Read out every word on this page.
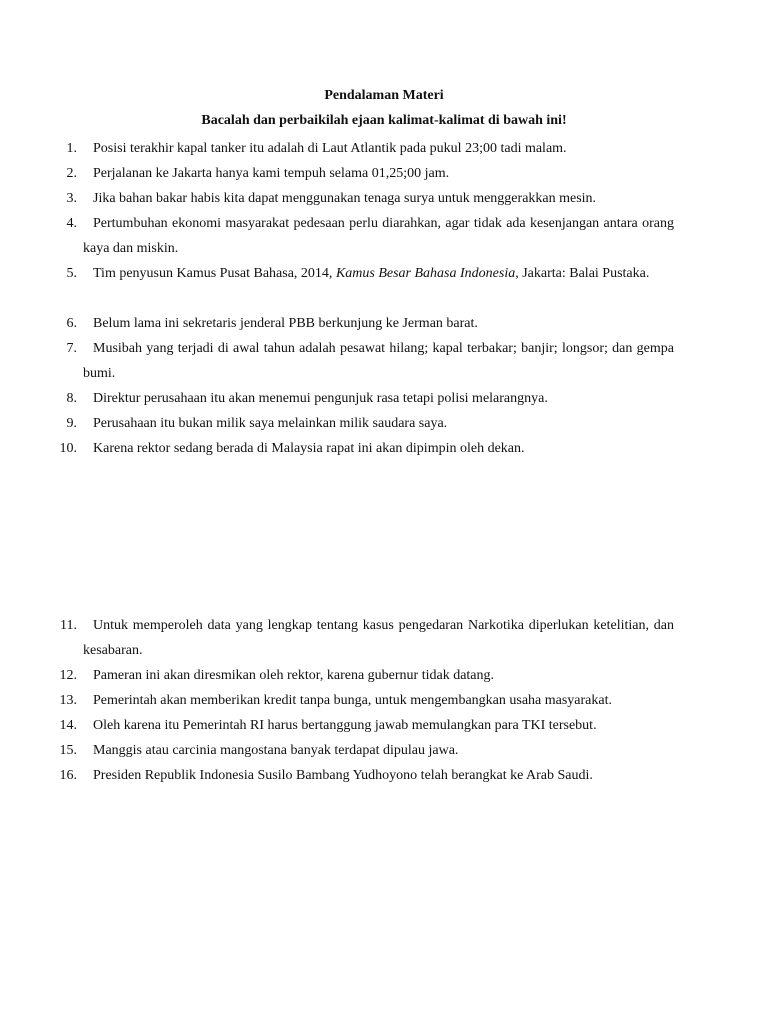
Pendalaman Materi
Bacalah dan perbaikilah ejaan kalimat-kalimat di bawah ini!
1.	Posisi terakhir kapal tanker itu adalah di Laut Atlantik pada pukul 23;00 tadi malam.
2.	Perjalanan ke Jakarta hanya kami tempuh selama 01,25;00 jam.
3.	Jika bahan bakar habis kita dapat menggunakan tenaga surya untuk menggerakkan mesin.
4.	Pertumbuhan ekonomi masyarakat pedesaan perlu diarahkan, agar tidak ada kesenjangan antara orang kaya dan miskin.
5.	Tim penyusun Kamus Pusat Bahasa, 2014, Kamus Besar Bahasa Indonesia, Jakarta: Balai Pustaka.
6.	Belum lama ini sekretaris jenderal PBB berkunjung ke Jerman barat.
7.	Musibah yang terjadi di awal tahun adalah pesawat hilang; kapal terbakar; banjir; longsor; dan gempa bumi.
8.	Direktur perusahaan itu akan menemui pengunjuk rasa tetapi polisi melarangnya.
9.	Perusahaan itu bukan milik saya melainkan milik saudara saya.
10.	Karena rektor sedang berada di Malaysia rapat ini akan dipimpin oleh dekan.
11.	Untuk memperoleh data yang lengkap tentang kasus pengedaran Narkotika diperlukan ketelitian, dan kesabaran.
12.	Pameran ini akan diresmikan oleh rektor, karena gubernur tidak datang.
13.	Pemerintah akan memberikan kredit tanpa bunga, untuk mengembangkan usaha masyarakat.
14.	Oleh karena itu Pemerintah RI harus bertanggung jawab memulangkan para TKI tersebut.
15.	Manggis atau carcinia mangostana banyak terdapat dipulau jawa.
16.	Presiden Republik Indonesia Susilo Bambang Yudhoyono telah berangkat ke Arab Saudi.
